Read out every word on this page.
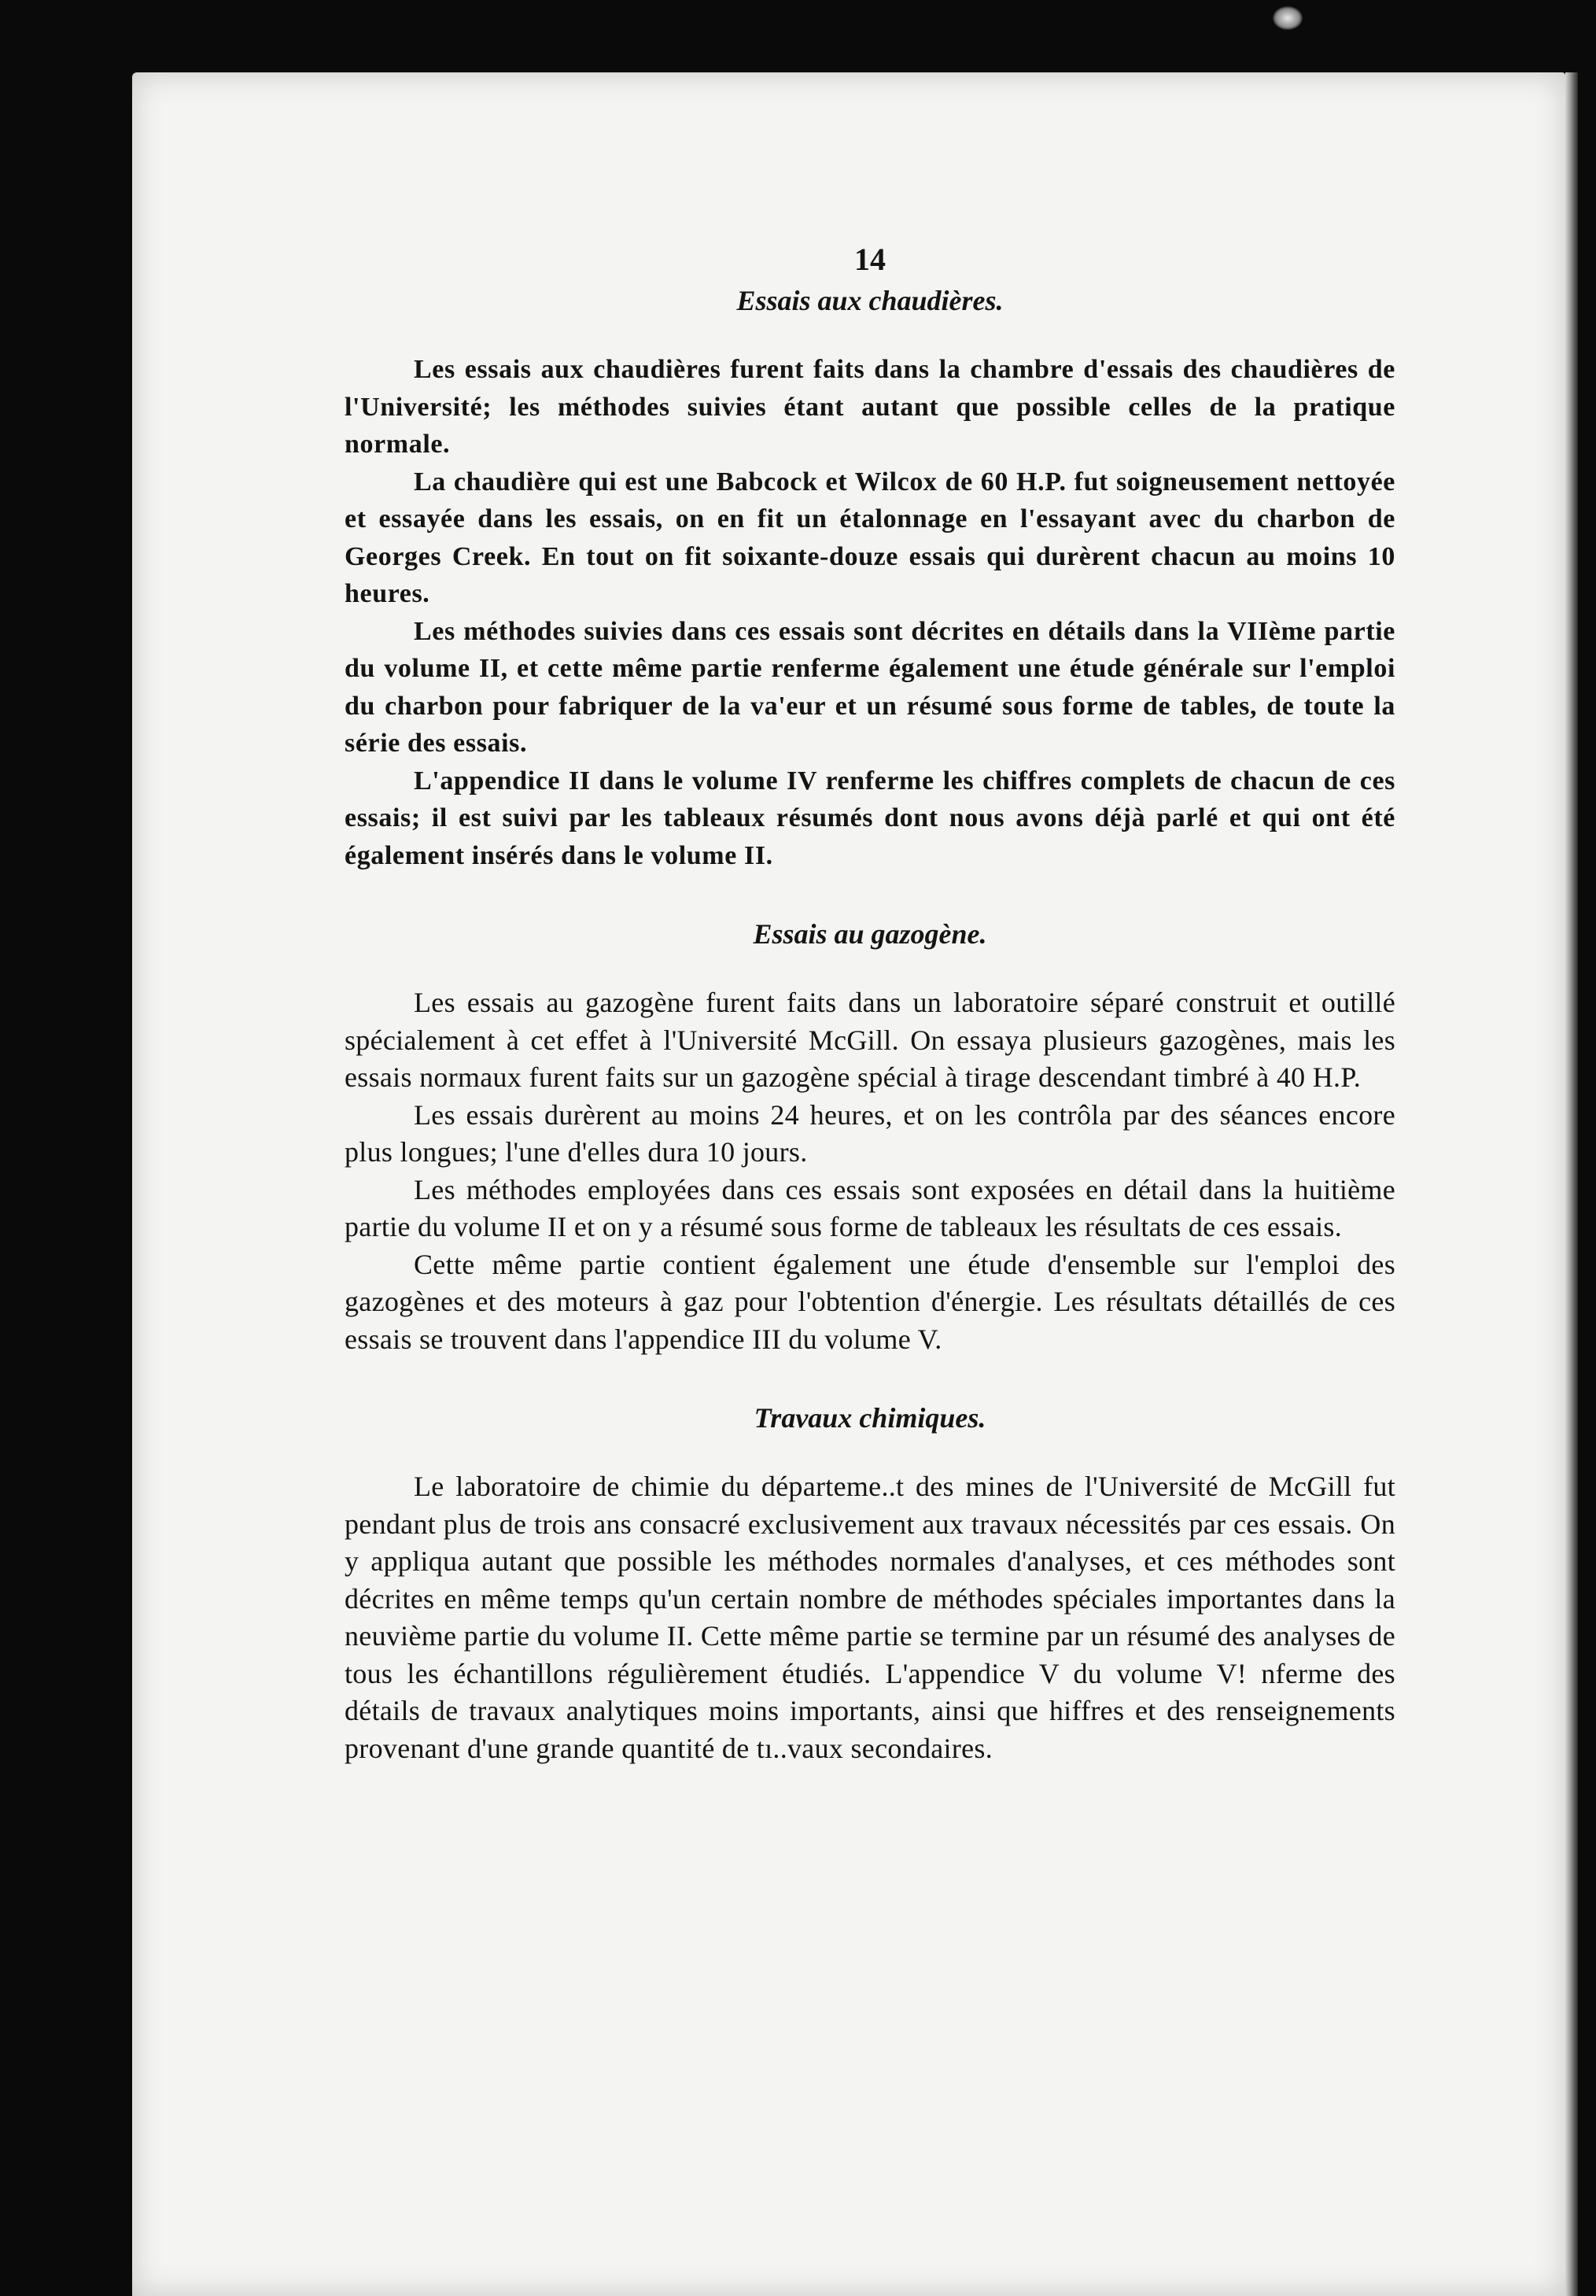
14
Essais aux chaudières.

Les essais aux chaudières furent faits dans la chambre d'essais des chaudières de l'Université; les méthodes suivies étant autant que possible celles de la pratique normale.

La chaudière qui est une Babcock et Wilcox de 60 H.P. fut soigneusement nettoyée et essayée dans les essais, on en fit un étalonnage en l'essayant avec du charbon de Georges Creek. En tout on fit soixante-douze essais qui durèrent chacun au moins 10 heures.

Les méthodes suivies dans ces essais sont décrites en détails dans la VIIème partie du volume II, et cette même partie renferme également une étude générale sur l'emploi du charbon pour fabriquer de la va'eur et un résumé sous forme de tables, de toute la série des essais.

L'appendice II dans le volume IV renferme les chiffres complets de chacun de ces essais; il est suivi par les tableaux résumés dont nous avons déjà parlé et qui ont été également insérés dans le volume II.

Essais au gazogène.

Les essais au gazogène furent faits dans un laboratoire séparé construit et outillé spécialement à cet effet à l'Université McGill. On essaya plusieurs gazogènes, mais les essais normaux furent faits sur un gazogène spécial à tirage descendant timbré à 40 H.P.

Les essais durèrent au moins 24 heures, et on les contrôla par des séances encore plus longues; l'une d'elles dura 10 jours.

Les méthodes employées dans ces essais sont exposées en détail dans la huitième partie du volume II et on y a résumé sous forme de tableaux les résultats de ces essais.

Cette même partie contient également une étude d'ensemble sur l'emploi des gazogènes et des moteurs à gaz pour l'obtention d'énergie. Les résultats détaillés de ces essais se trouvent dans l'appendice III du volume V.

Travaux chimiques.

Le laboratoire de chimie du départeme..t des mines de l'Université de McGill fut pendant plus de trois ans consacré exclusivement aux travaux nécessités par ces essais. On y appliqua autant que possible les méthodes normales d'analyses, et ces méthodes sont décrites en même temps qu'un certain nombre de méthodes spéciales importantes dans la neuvième partie du volume II. Cette même partie se termine par un résumé des analyses de tous les échantillons régulièrement étudiés. L'appendice V du volume V! nferme des détails de travaux analytiques moins importants, ainsi que hiffres et des renseignements provenant d'une grande quantité de tı..vaux secondaires.
